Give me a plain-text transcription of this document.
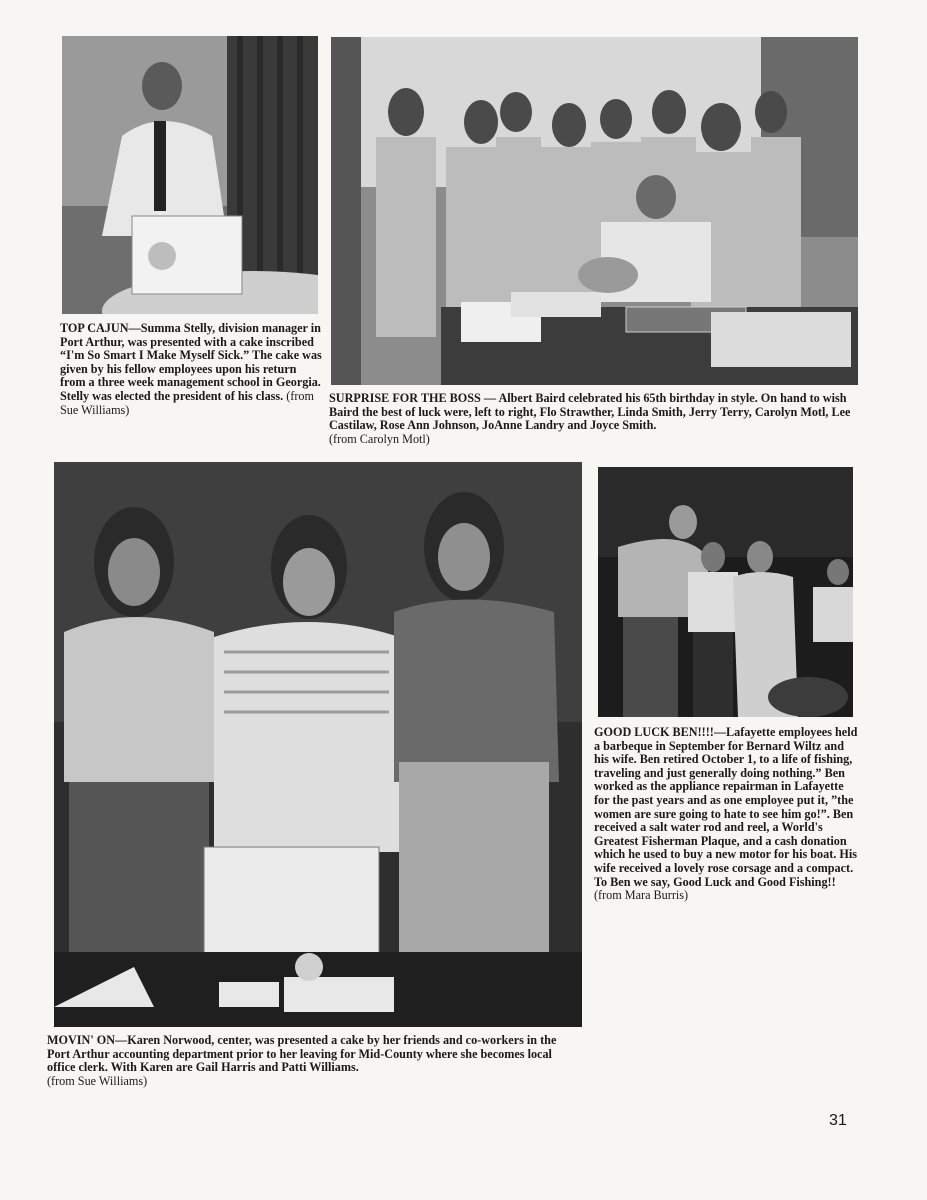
TOP CAJUN—Summa Stelly, division manager in Port Arthur, was presented with a cake inscribed “I'm So Smart I Make Myself Sick.” The cake was given by his fellow employees upon his return from a three week management school in Georgia. Stelly was elected the president of his class. (from Sue Williams)

SURPRISE FOR THE BOSS — Albert Baird celebrated his 65th birthday in style. On hand to wish Baird the best of luck were, left to right, Flo Strawther, Linda Smith, Jerry Terry, Carolyn Motl, Lee Castilaw, Rose Ann Johnson, JoAnne Landry and Joyce Smith.
(from Carolyn Motl)

GOOD LUCK BEN!!!!—Lafayette employees held a barbeque in September for Bernard Wiltz and his wife. Ben retired October 1, to a life of fishing, traveling and just generally doing nothing.” Ben worked as the appliance repairman in Lafayette for the past years and as one employee put it, ”the women are sure going to hate to see him go!”. Ben received a salt water rod and reel, a World's Greatest Fisherman Plaque, and a cash donation which he used to buy a new motor for his boat. His wife received a lovely rose corsage and a compact. To Ben we say, Good Luck and Good Fishing!! (from Mara Burris)

MOVIN' ON—Karen Norwood, center, was presented a cake by her friends and co-workers in the Port Arthur accounting department prior to her leaving for Mid-County where she becomes local office clerk. With Karen are Gail Harris and Patti Williams.
(from Sue Williams)

31
